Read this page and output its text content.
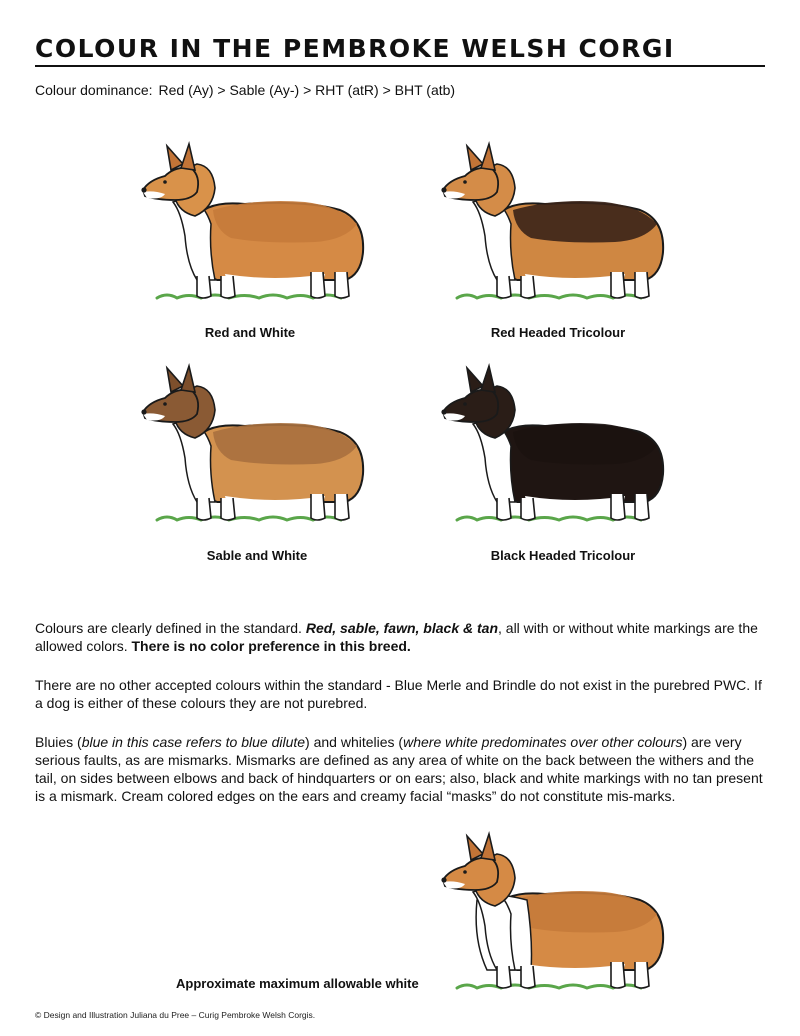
COLOUR IN THE PEMBROKE WELSH CORGI
Colour dominance: Red (Ay) > Sable (Ay-) > RHT (atR) > BHT (atb)
Red and White	Red Headed Tricolour
Sable and White	Black Headed Tricolour

Colours are clearly defined in the standard. Red, sable, fawn, black & tan, all with or without white markings are the allowed colors. There is no color preference in this breed.

There are no other accepted colours within the standard - Blue Merle and Brindle do not exist in the purebred PWC. If a dog is either of these colours they are not purebred.

Bluies (blue in this case refers to blue dilute) and whitelies (where white predominates over other colours) are very serious faults, as are mismarks. Mismarks are defined as any area of white on the back between the withers and the tail, on sides between elbows and back of hindquarters or on ears; also, black and white markings with no tan present is a mismark. Cream colored edges on the ears and creamy facial “masks” do not constitute mis-marks.

Approximate maximum allowable white
© Design and Illustration Juliana du Pree – Curig Pembroke Welsh Corgis.
